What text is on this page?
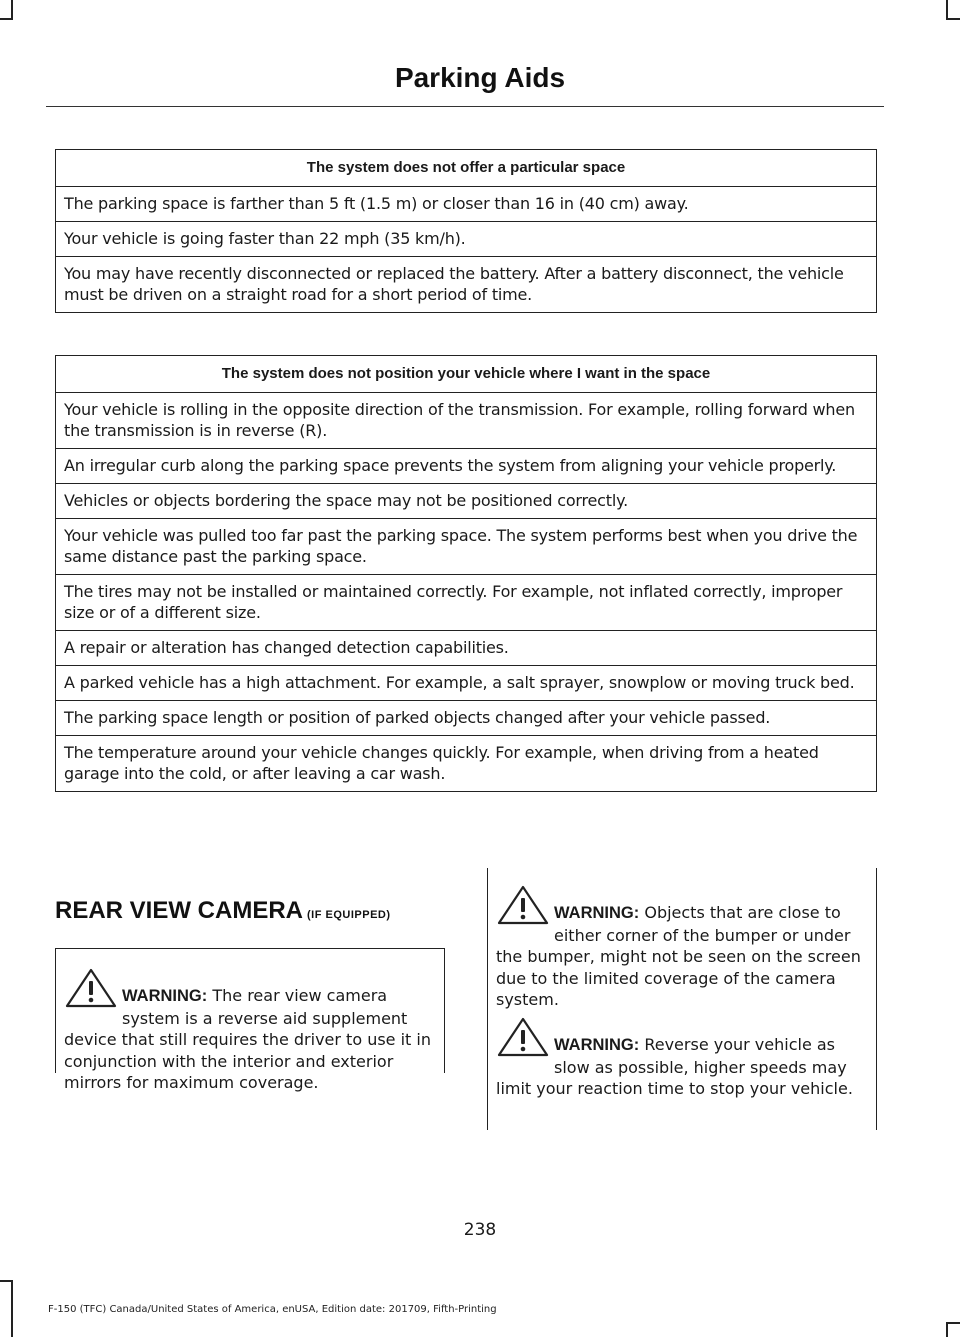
Parking Aids
The system does not offer a particular space
The parking space is farther than 5 ft (1.5 m) or closer than 16 in (40 cm) away.
Your vehicle is going faster than 22 mph (35 km/h).
You may have recently disconnected or replaced the battery. After a battery disconnect, the vehicle must be driven on a straight road for a short period of time.
The system does not position your vehicle where I want in the space
Your vehicle is rolling in the opposite direction of the transmission. For example, rolling forward when the transmission is in reverse (R).
An irregular curb along the parking space prevents the system from aligning your vehicle properly.
Vehicles or objects bordering the space may not be positioned correctly.
Your vehicle was pulled too far past the parking space. The system performs best when you drive the same distance past the parking space.
The tires may not be installed or maintained correctly. For example, not inflated correctly, improper size or of a different size.
A repair or alteration has changed detection capabilities.
A parked vehicle has a high attachment. For example, a salt sprayer, snowplow or moving truck bed.
The parking space length or position of parked objects changed after your vehicle passed.
The temperature around your vehicle changes quickly. For example, when driving from a heated garage into the cold, or after leaving a car wash.
REAR VIEW CAMERA (IF EQUIPPED)
WARNING: The rear view camera system is a reverse aid supplement device that still requires the driver to use it in conjunction with the interior and exterior mirrors for maximum coverage.
WARNING: Objects that are close to either corner of the bumper or under the bumper, might not be seen on the screen due to the limited coverage of the camera system.
WARNING: Reverse your vehicle as slow as possible, higher speeds may limit your reaction time to stop your vehicle.
238
F-150 (TFC) Canada/United States of America, enUSA, Edition date: 201709, Fifth-Printing
